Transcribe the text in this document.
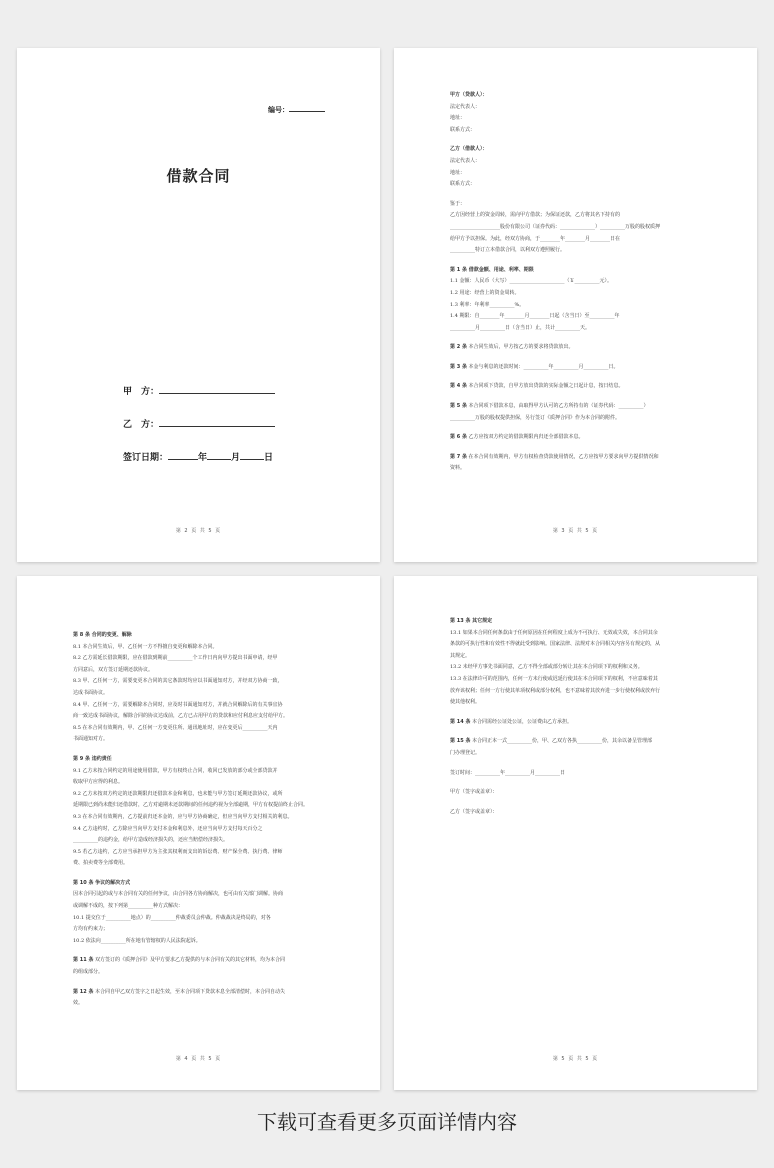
编号：
借款合同
甲　方：
乙　方：
签订日期：	年	月	日
第 2 页 共 5 页
甲方（贷款人）：
法定代表人：
地址：
联系方式：
乙方（借款人）：
法定代表人：
地址：
联系方式：
鉴于：
乙方因经营上的资金周转，需向甲方借款；为保证还款，乙方将其名下持有的
____________________股份有限公司（证券代码：______________）__________万股的股权质押
给甲方予以担保。为此，经双方协商，于________年________月________日在
__________特订立本借款合同，以利双方遵照履行。
第 1 条 借款金额、用途、利率、期限
1.1 金额：人民币（大写）______________________（￥__________元）。
1.2 用途：经营上的资金周转。
1.3 利率：年利率__________%。
1.4 期限：自________年________月________日起（含当日）至__________年
__________月__________日（含当日）止，共计__________天。
第 2 条 本合同生效后，甲方按乙方的要求将贷款放出。
第 3 条 本金与利息的还款时间：__________年__________月__________日。
第 4 条 本合同项下贷款，自甲方放出贷款的实际金额之日起计息，按日结息。
第 5 条 本合同项下借款本息，由取得甲方认可的乙方所持有的（证券代码：__________）
__________万股的股权提供担保，另行签订《质押合同》作为本合同的附件。
第 6 条 乙方应按双方约定的借款期限内归还全部借款本息。
第 7 条 在本合同有效期内，甲方有权检查贷款使用情况，乙方应按甲方要求向甲方提供情况和
资料。
第 3 页 共 5 页
第 8 条 合同的变更、解除
8.1 本合同生效后，甲、乙任何一方不得擅自变更和解除本合同。
8.2 乙方需延长借款期限，应在借款到期前__________个工作日内向甲方提出书面申请，经甲
方同意后，双方签订延期还款协议。
8.3 甲、乙任何一方，需要变更本合同的其它条款时均应以书面通知对方，并经双方协商一致，
达成书面协议。
8.4 甲、乙任何一方，需要解除本合同时，应及时书面通知对方，并就合同解除后的有关事宜协
商一致达成书面协议，解除合同的协议达成前，乙方已占用甲方的贷款和应付利息应支付给甲方。
8.5 在本合同有效期内，甲、乙任何一方变更住所、通讯地址时，应在变更后__________天内
书面通知对方。
第 9 条 违约责任
9.1 乙方未按合同约定的用途使用借款，甲方有权终止合同，收回已发放的部分或全部贷款并
收取甲方应得的利息。
9.2 乙方未按双方约定的还款期限归还借款本金和利息，也未能与甲方签订延期还款协议，或所
延期限已到尚未能归还借款时，乙方对逾期未还款期间的任何违约视为全部逾期，甲方有权提前终止合同。
9.3 在本合同有效期内，乙方提前归还本金的，应与甲方协商确定，但应当向甲方支付相关的利息。
9.4 乙方违约时，乙方除应当向甲方支付本金和利息外，还应当向甲方支付每天百分之
__________的违约金，给甲方造成经济损失的，还应当赔偿经济损失。
9.5 若乙方违约，乙方应当承担甲方为主张其权利而支出的诉讼费、财产保全费、执行费、律师
费、拍卖费等全部费用。
第 10 条 争议的解决方式
因本合同引起的或与本合同有关的任何争议，由合同各方协商解决，也可由有关部门调解。协商
或调解不成的，按下列第__________种方式解决：
10.1 提交位于__________地点）的__________仲裁委员会仲裁。仲裁裁决是终局的，对各
方均有约束力；
10.2 依法向__________所在地有管辖权的人民法院起诉。
第 11 条 双方签订的《质押合同》及甲方要求乙方提供的与本合同有关的其它材料，均为本合同
的组成部分。
第 12 条 本合同自甲乙双方签字之日起生效，至本合同项下贷款本息全部清偿时，本合同自动失
效。
第 4 页 共 5 页
第 13 条 其它规定
13.1 如果本合同任何条款由于任何原因在任何程度上成为不可执行、无效或失效，本合同其余
条款的可执行性和有效性不得就此受到影响。国家法律、法规对本合同相关内容另有规定的，从
其规定。
13.2 未经甲方事先书面同意，乙方不得全部或部分转让其在本合同项下的权利和义务。
13.3 在法律许可的范围内，任何一方未行使或迟延行使其在本合同项下的权利，不应意味着其
放弃该权利；任何一方行使其单项权利或部分权利，也不意味着其放弃进一步行使权利或放弃行
使其他权利。
第 14 条 本合同需经公证处公证，公证费由乙方承担。
第 15 条 本合同正本一式__________份，甲、乙双方各执__________份，其余以备呈管理部
门办理登记。
签订时间：__________年__________月__________日
甲方（签字或盖章）：
乙方（签字或盖章）：
第 5 页 共 5 页
下载可查看更多页面详情内容
